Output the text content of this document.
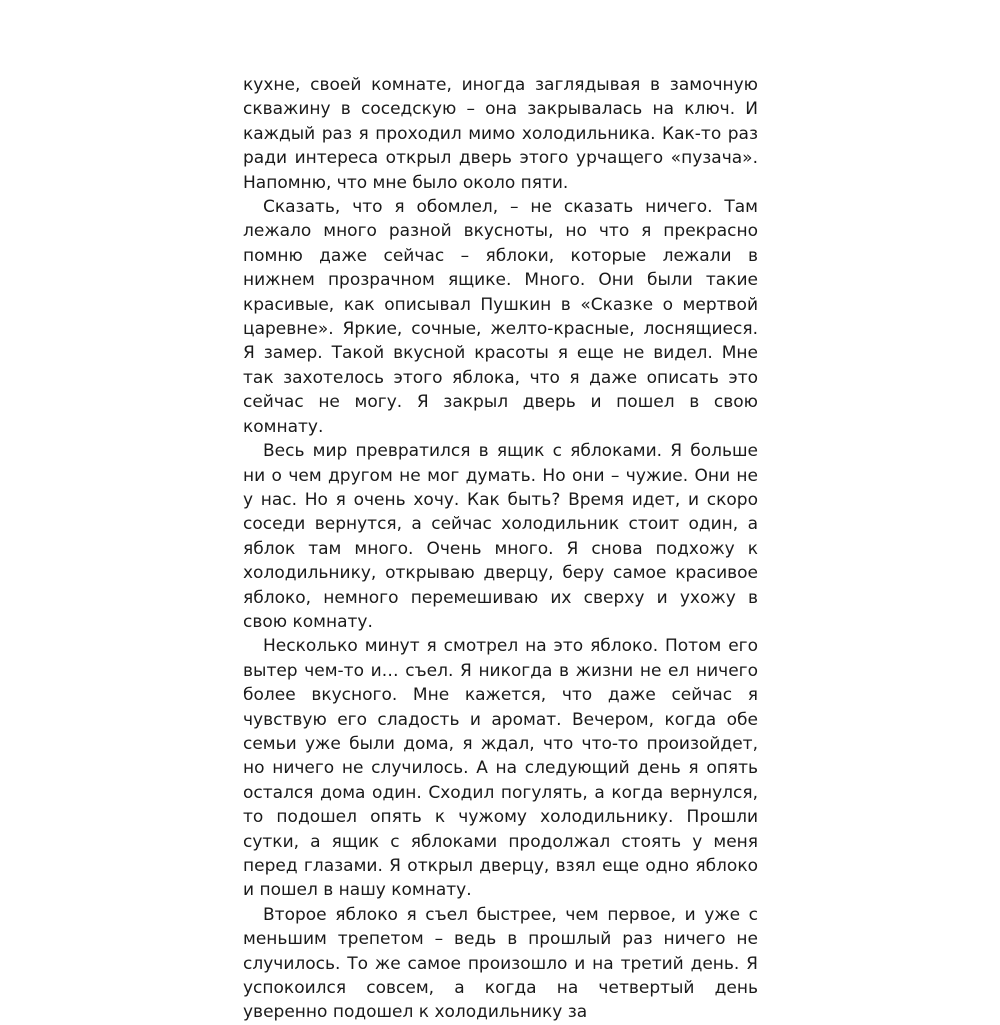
кухне, своей комнате, иногда заглядывая в замочную скважину в соседскую – она закрывалась на ключ. И каждый раз я проходил мимо холодильника. Как-то раз ради интереса открыл дверь этого урчащего «пузача». Напомню, что мне было около пяти.

Сказать, что я обомлел, – не сказать ничего. Там лежало много разной вкусноты, но что я прекрасно помню даже сейчас – яблоки, которые лежали в нижнем прозрачном ящике. Много. Они были такие красивые, как описывал Пушкин в «Сказке о мертвой царевне». Яркие, сочные, желто-красные, лоснящиеся. Я замер. Такой вкусной красоты я еще не видел. Мне так захотелось этого яблока, что я даже описать это сейчас не могу. Я закрыл дверь и пошел в свою комнату.

Весь мир превратился в ящик с яблоками. Я больше ни о чем другом не мог думать. Но они – чужие. Они не у нас. Но я очень хочу. Как быть? Время идет, и скоро соседи вернутся, а сейчас холодильник стоит один, а яблок там много. Очень много. Я снова подхожу к холодильнику, открываю дверцу, беру самое красивое яблоко, немного перемешиваю их сверху и ухожу в свою комнату.

Несколько минут я смотрел на это яблоко. Потом его вытер чем-то и… съел. Я никогда в жизни не ел ничего более вкусного. Мне кажется, что даже сейчас я чувствую его сладость и аромат. Вечером, когда обе семьи уже были дома, я ждал, что что-то произойдет, но ничего не случилось. А на следующий день я опять остался дома один. Сходил погулять, а когда вернулся, то подошел опять к чужому холодильнику. Прошли сутки, а ящик с яблоками продолжал стоять у меня перед глазами. Я открыл дверцу, взял еще одно яблоко и пошел в нашу комнату.

Второе яблоко я съел быстрее, чем первое, и уже с меньшим трепетом – ведь в прошлый раз ничего не случилось. То же самое произошло и на третий день. Я успокоился совсем, а когда на четвертый день уверенно подошел к холодильнику за
